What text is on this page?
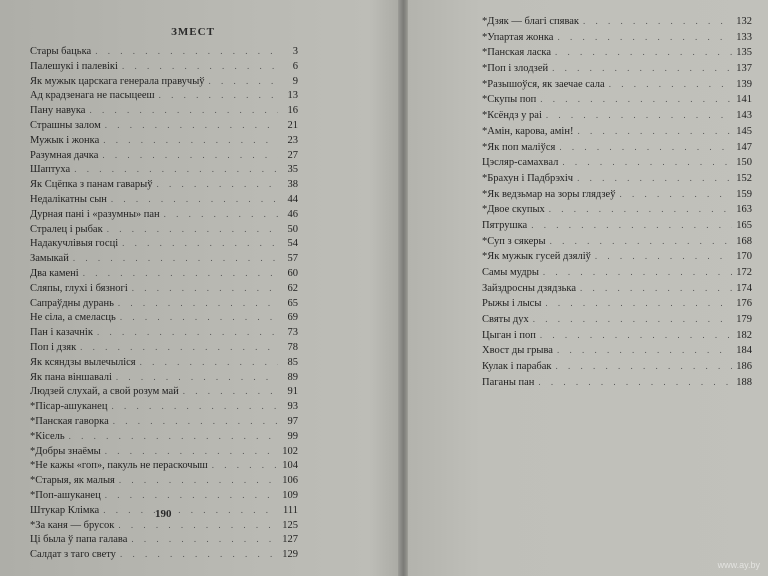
ЗМЕСТ
Стары бацька . . .	3
Палешукі і палевікі . . .	6
Як мужык царскага генерала правучыў . . .	9
Ад крадзенага не пасыцееш . . .	13
Пану навука . . .	16
Страшны залом . . .	21
Мужык і жонка . . .	23
Разумная дачка . . .	27
Шаптуха . . .	35
Як Сцёпка з панам гаварыў . . .	38
Недалікатны сын . . .	44
Дурная пані і «разумны» пан . . .	46
Стралец і рыбак . . .	50
Надакучлівыя госці . . .	54
Замыкай . . .	57
Два камені . . .	60
Сляпы, глухі і бязногі . . .	62
Сапраўдны дурань . . .	65
Не сіла, а смеласць . . .	69
Пан і казачнік . . .	73
Поп і дзяк . . .	78
Як ксяндзы вылечыліся . . .	85
Як пана віншавалі . . .	89
Людзей слухай, а свой розум май . . .	91
*Пісар-ашуканец . . .	93
*Панская гаворка . . .	97
*Кісель . . .	99
*Добры знаёмы . . .	102
*Не кажы «гоп», пакуль не пераскочыш . . .	104
*Старыя, як малыя . . .	106
*Поп-ашуканец . . .	109
Штукар Клімка . . .	111
*За каня — брусок . . .	125
Ці была ў папа галава . . .	127
Салдат з таго свету . . .	129
190
*Дзяк — благі спявак . . .	132
*Упартая жонка . . .	133
*Панская ласка . . .	135
*Поп і злодзей . . .	137
*Разышоўся, як заечае сала . . .	139
*Скупы поп . . .	141
*Ксёндз у раі . . .	143
*Амін, карова, амін! . . .	145
*Як поп маліўся . . .	147
Цэсляр-самахвал . . .	150
*Брахун і Падбрэхіч . . .	152
*Як ведзьмар на зоры глядзеў . . .	159
*Двое скупых . . .	163
Пятрушка . . .	165
*Суп з сякеры . . .	168
*Як мужык гусей дзяліў . . .	170
Самы мудры . . .	172
Зайздросны дзядзька . . .	174
Рыжы і лысы . . .	176
Святы дух . . .	179
Цыган і поп . . .	182
Хвост ды грыва . . .	184
Кулак і парабак . . .	186
Паганы пан . . .	188
www.ay.by
